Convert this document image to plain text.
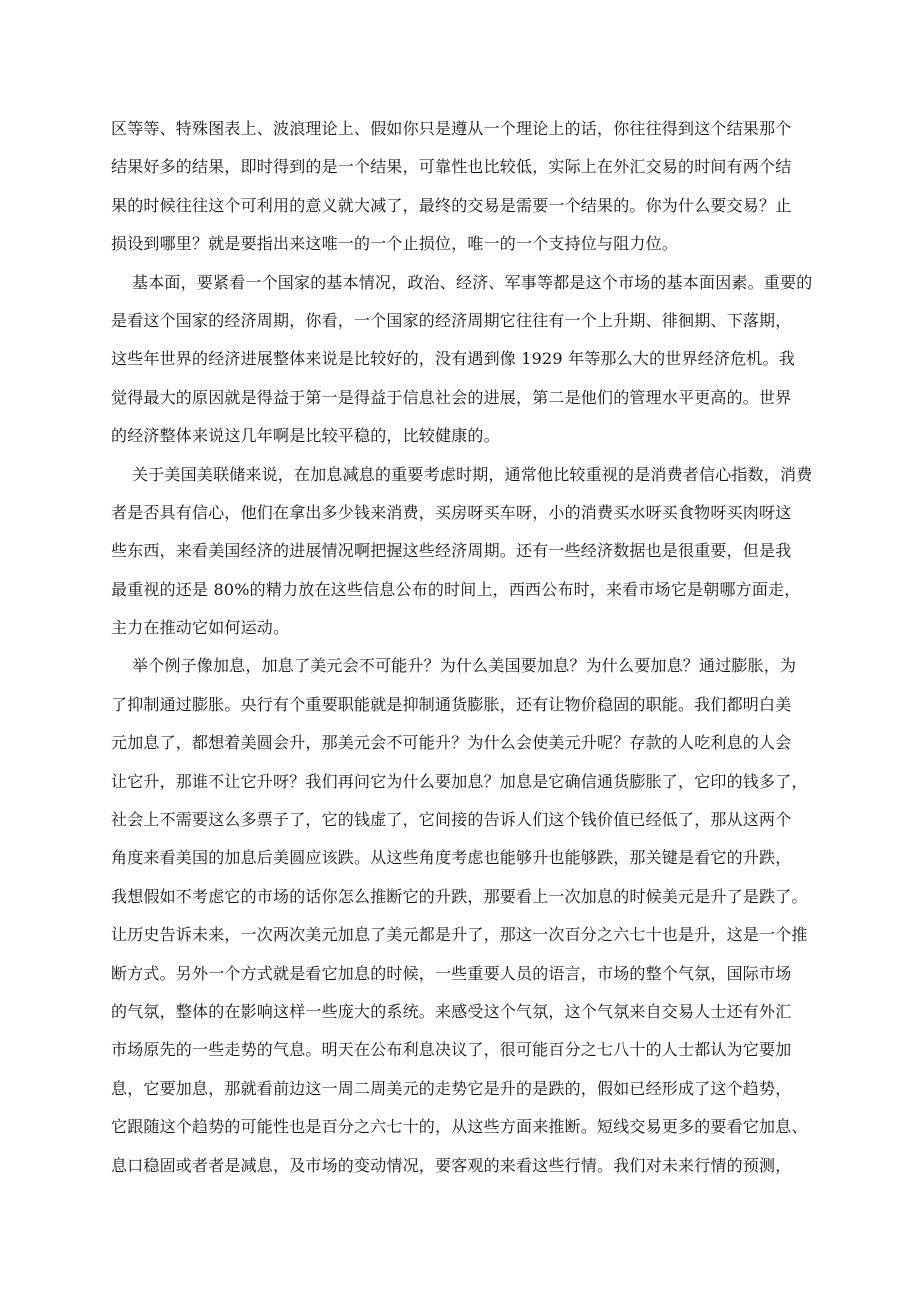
区等等、特殊图表上、波浪理论上、假如你只是遵从一个理论上的话，你往往得到这个结果那个
结果好多的结果，即时得到的是一个结果，可靠性也比较低，实际上在外汇交易的时间有两个结
果的时候往往这个可利用的意义就大减了，最终的交易是需要一个结果的。你为什么要交易？止
损设到哪里？就是要指出来这唯一的一个止损位，唯一的一个支持位与阻力位。
基本面，要紧看一个国家的基本情况，政治、经济、军事等都是这个市场的基本面因素。重要的
是看这个国家的经济周期，你看，一个国家的经济周期它往往有一个上升期、徘徊期、下落期，
这些年世界的经济进展整体来说是比较好的，没有遇到像 1929 年等那么大的世界经济危机。我
觉得最大的原因就是得益于第一是得益于信息社会的进展，第二是他们的管理水平更高的。世界
的经济整体来说这几年啊是比较平稳的，比较健康的。
关于美国美联储来说，在加息减息的重要考虑时期，通常他比较重视的是消费者信心指数，消费
者是否具有信心，他们在拿出多少钱来消费，买房呀买车呀，小的消费买水呀买食物呀买肉呀这
些东西，来看美国经济的进展情况啊把握这些经济周期。还有一些经济数据也是很重要，但是我
最重视的还是 80%的精力放在这些信息公布的时间上，西西公布时，来看市场它是朝哪方面走，
主力在推动它如何运动。
举个例子像加息，加息了美元会不可能升？为什么美国要加息？为什么要加息？通过膨胀，为
了抑制通过膨胀。央行有个重要职能就是抑制通货膨胀，还有让物价稳固的职能。我们都明白美
元加息了，都想着美圆会升，那美元会不可能升？为什么会使美元升呢？存款的人吃利息的人会
让它升，那谁不让它升呀？我们再问它为什么要加息？加息是它确信通货膨胀了，它印的钱多了，
社会上不需要这么多票子了，它的钱虚了，它间接的告诉人们这个钱价值已经低了，那从这两个
角度来看美国的加息后美圆应该跌。从这些角度考虑也能够升也能够跌，那关键是看它的升跌，
我想假如不考虑它的市场的话你怎么推断它的升跌，那要看上一次加息的时候美元是升了是跌了。
让历史告诉未来，一次两次美元加息了美元都是升了，那这一次百分之六七十也是升，这是一个推
断方式。另外一个方式就是看它加息的时候，一些重要人员的语言，市场的整个气氛，国际市场
的气氛，整体的在影响这样一些庞大的系统。来感受这个气氛，这个气氛来自交易人士还有外汇
市场原先的一些走势的气息。明天在公布利息决议了，很可能百分之七八十的人士都认为它要加
息，它要加息，那就看前边这一周二周美元的走势它是升的是跌的，假如已经形成了这个趋势，
它跟随这个趋势的可能性也是百分之六七十的，从这些方面来推断。短线交易更多的要看它加息、
息口稳固或者者是减息，及市场的变动情况，要客观的来看这些行情。我们对未来行情的预测，
